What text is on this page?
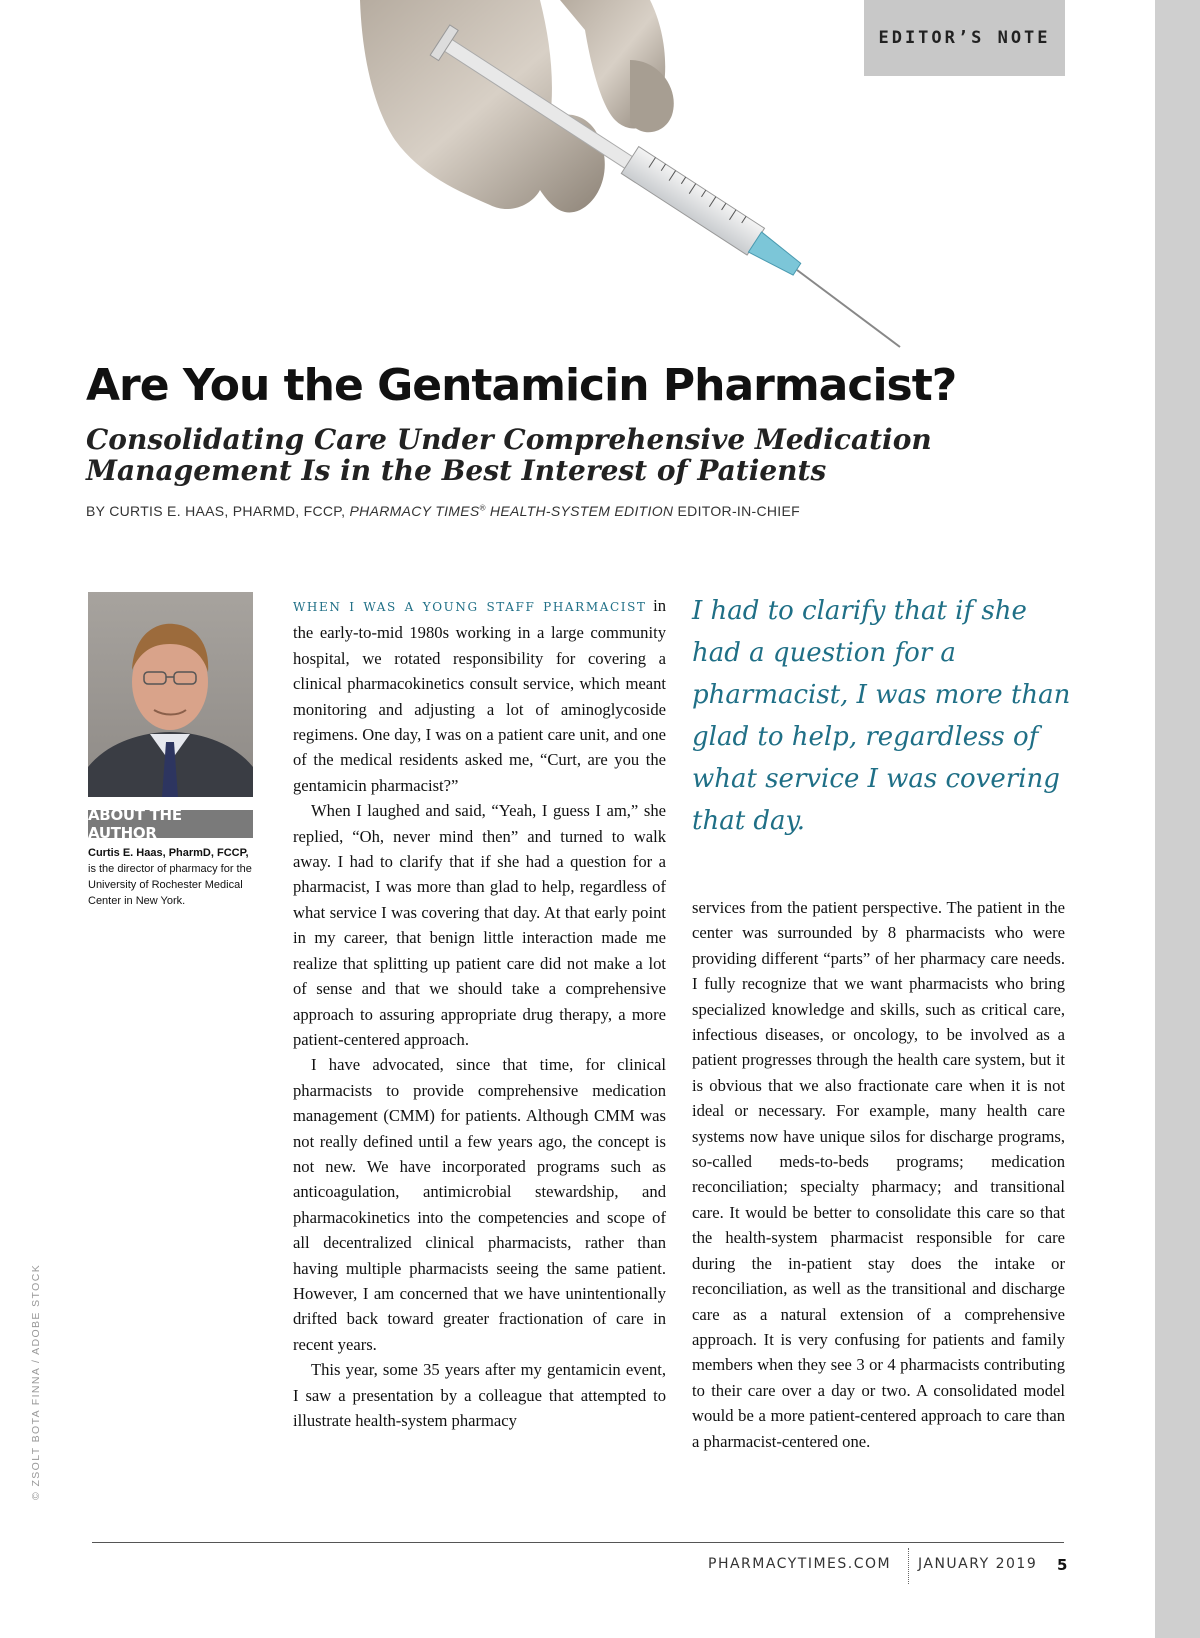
EDITOR’S NOTE
Are You the Gentamicin Pharmacist?
Consolidating Care Under Comprehensive Medication
Management Is in the Best Interest of Patients
BY CURTIS E. HAAS, PHARMD, FCCP, PHARMACY TIMES® HEALTH-SYSTEM EDITION EDITOR-IN-CHIEF
ABOUT THE AUTHOR
Curtis E. Haas, PharmD, FCCP, is the director of pharmacy for the University of Rochester Medical Center in New York.

WHEN I WAS A YOUNG STAFF PHARMACIST in the early-to-mid 1980s working in a large community hospital, we rotated responsibility for covering a clinical pharmacokinetics consult service, which meant monitoring and adjusting a lot of aminoglycoside regimens. One day, I was on a patient care unit, and one of the medical residents asked me, “Curt, are you the gentamicin pharmacist?”

When I laughed and said, “Yeah, I guess I am,” she replied, “Oh, never mind then” and turned to walk away. I had to clarify that if she had a question for a pharmacist, I was more than glad to help, regardless of what service I was covering that day. At that early point in my career, that benign little interaction made me realize that splitting up patient care did not make a lot of sense and that we should take a comprehensive approach to assuring appropriate drug therapy, a more patient-centered approach.

I have advocated, since that time, for clinical pharmacists to provide comprehensive medication management (CMM) for patients. Although CMM was not really defined until a few years ago, the concept is not new. We have incorporated programs such as anticoagulation, antimicrobial stewardship, and pharmacokinetics into the competencies and scope of all decentralized clinical pharmacists, rather than having multiple pharmacists seeing the same patient. However, I am concerned that we have unintentionally drifted back toward greater fractionation of care in recent years.

This year, some 35 years after my gentamicin event, I saw a presentation by a colleague that attempted to illustrate health-system pharmacy

I had to clarify that if she had a question for a pharmacist, I was more than glad to help, regardless of what service I was covering that day.

services from the patient perspective. The patient in the center was surrounded by 8 pharmacists who were providing different “parts” of her pharmacy care needs. I fully recognize that we want pharmacists who bring specialized knowledge and skills, such as critical care, infectious diseases, or oncology, to be involved as a patient progresses through the health care system, but it is obvious that we also fractionate care when it is not ideal or necessary. For example, many health care systems now have unique silos for discharge programs, so-called meds-to-beds programs; medication reconciliation; specialty pharmacy; and transitional care. It would be better to consolidate this care so that the health-system pharmacist responsible for care during the in-patient stay does the intake or reconciliation, as well as the transitional and discharge care as a natural extension of a comprehensive approach. It is very confusing for patients and family members when they see 3 or 4 pharmacists contributing to their care over a day or two. A consolidated model would be a more patient-centered approach to care than a pharmacist-centered one.

© ZSOLT BOTA FINNA / ADOBE STOCK
PHARMACYTIMES.COM JANUARY 2019 5
